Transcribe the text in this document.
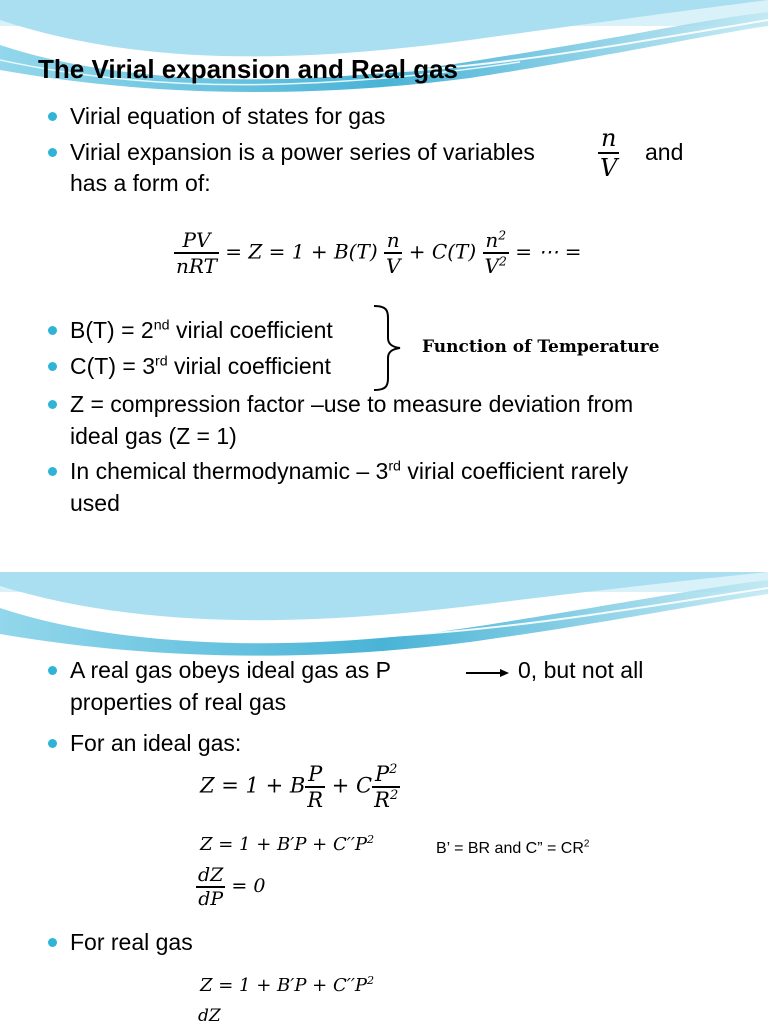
The Virial expansion and Real gas
Virial equation of states for gas
Virial expansion is a power series of variables	$\frac{n}{V}$ and
has a form of:
$\frac{PV}{\text{nRT}} = Z = 1 + B(T) \frac{n}{V} + C(T) \frac{n^2}{V^2}$ = ⋯ =
B(T) = 2nd virial coefficient
C(T) = 3rd virial coefficient
Function of Temperature
Z = compression factor –use to measure deviation from
ideal gas (Z = 1)
In chemical thermodynamic – 3rd virial coefficient rarely
used
A real gas obeys ideal gas as P	0, but not all
properties of real gas
For an ideal gas:
Z = 1 + B $\frac{P}{R} + C \frac{P^2}{R^2}$
$Z = 1 + B'P + C''P^2$
B’ = BR and C” = $CR^2$
$\frac{dZ}{dP} = 0$
For real gas
$Z = 1 + B'P + C''P^2$
dZ
